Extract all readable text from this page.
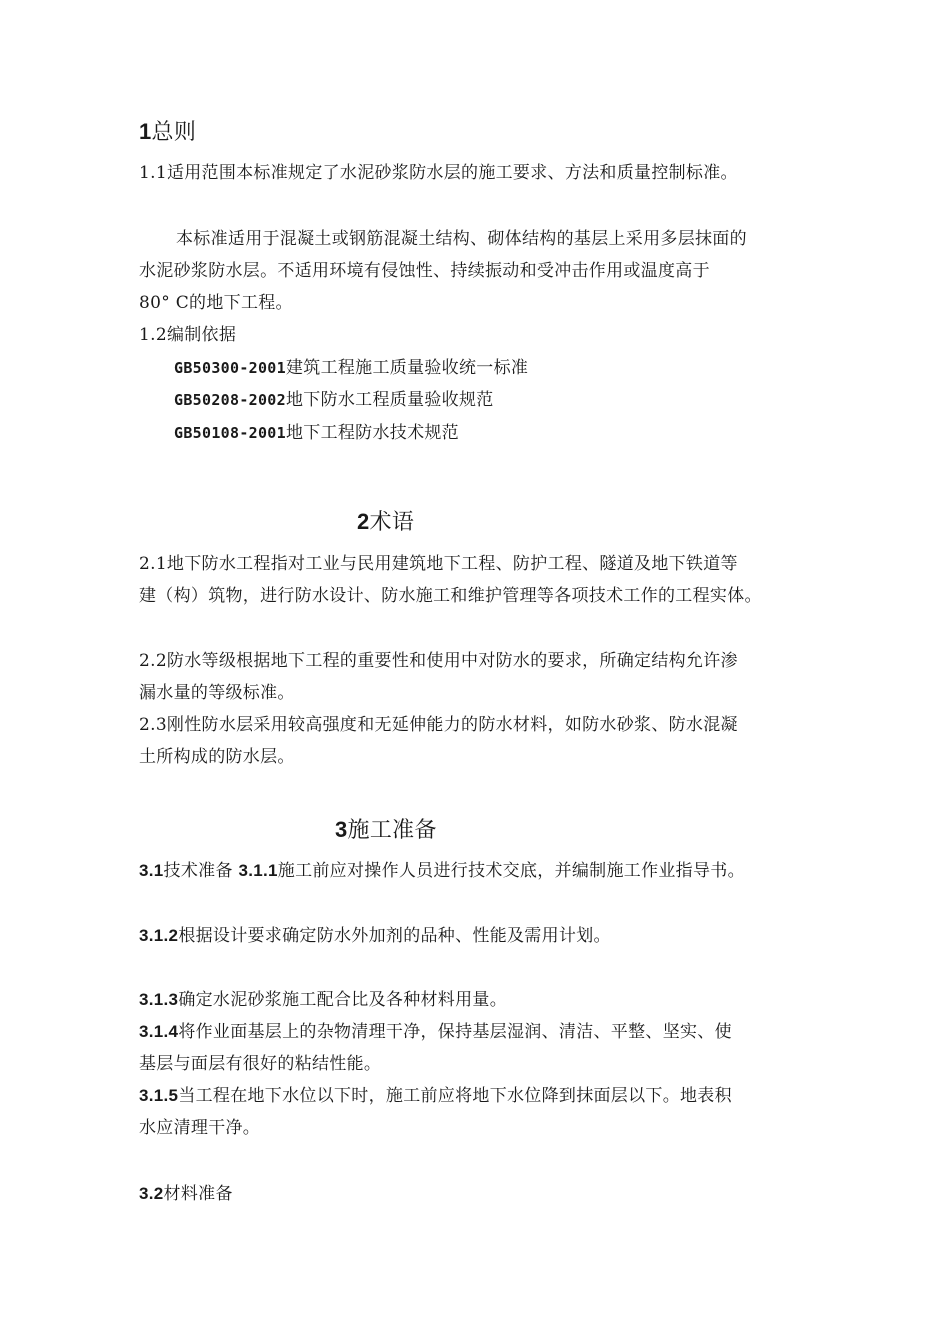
1总则
1.1适用范围本标准规定了水泥砂浆防水层的施工要求、方法和质量控制标准。
本标准适用于混凝土或钢筋混凝土结构、砌体结构的基层上采用多层抹面的
水泥砂浆防水层。不适用环境有侵蚀性、持续振动和受冲击作用或温度高于
80° C的地下工程。
1.2编制依据
GB50300-2001建筑工程施工质量验收统一标准
GB50208-2002地下防水工程质量验收规范
GB50108-2001地下工程防水技术规范
2术语
2.1地下防水工程指对工业与民用建筑地下工程、防护工程、隧道及地下铁道等
建（构）筑物，进行防水设计、防水施工和维护管理等各项技术工作的工程实体。
2.2防水等级根据地下工程的重要性和使用中对防水的要求，所确定结构允许渗
漏水量的等级标准。
2.3刚性防水层采用较高强度和无延伸能力的防水材料，如防水砂浆、防水混凝
土所构成的防水层。
3施工准备
3.1技术准备 3.1.1施工前应对操作人员进行技术交底，并编制施工作业指导书。
3.1.2根据设计要求确定防水外加剂的品种、性能及需用计划。
3.1.3确定水泥砂浆施工配合比及各种材料用量。
3.1.4将作业面基层上的杂物清理干净，保持基层湿润、清洁、平整、坚实、使
基层与面层有很好的粘结性能。
3.1.5当工程在地下水位以下时，施工前应将地下水位降到抹面层以下。地表积
水应清理干净。
3.2材料准备
